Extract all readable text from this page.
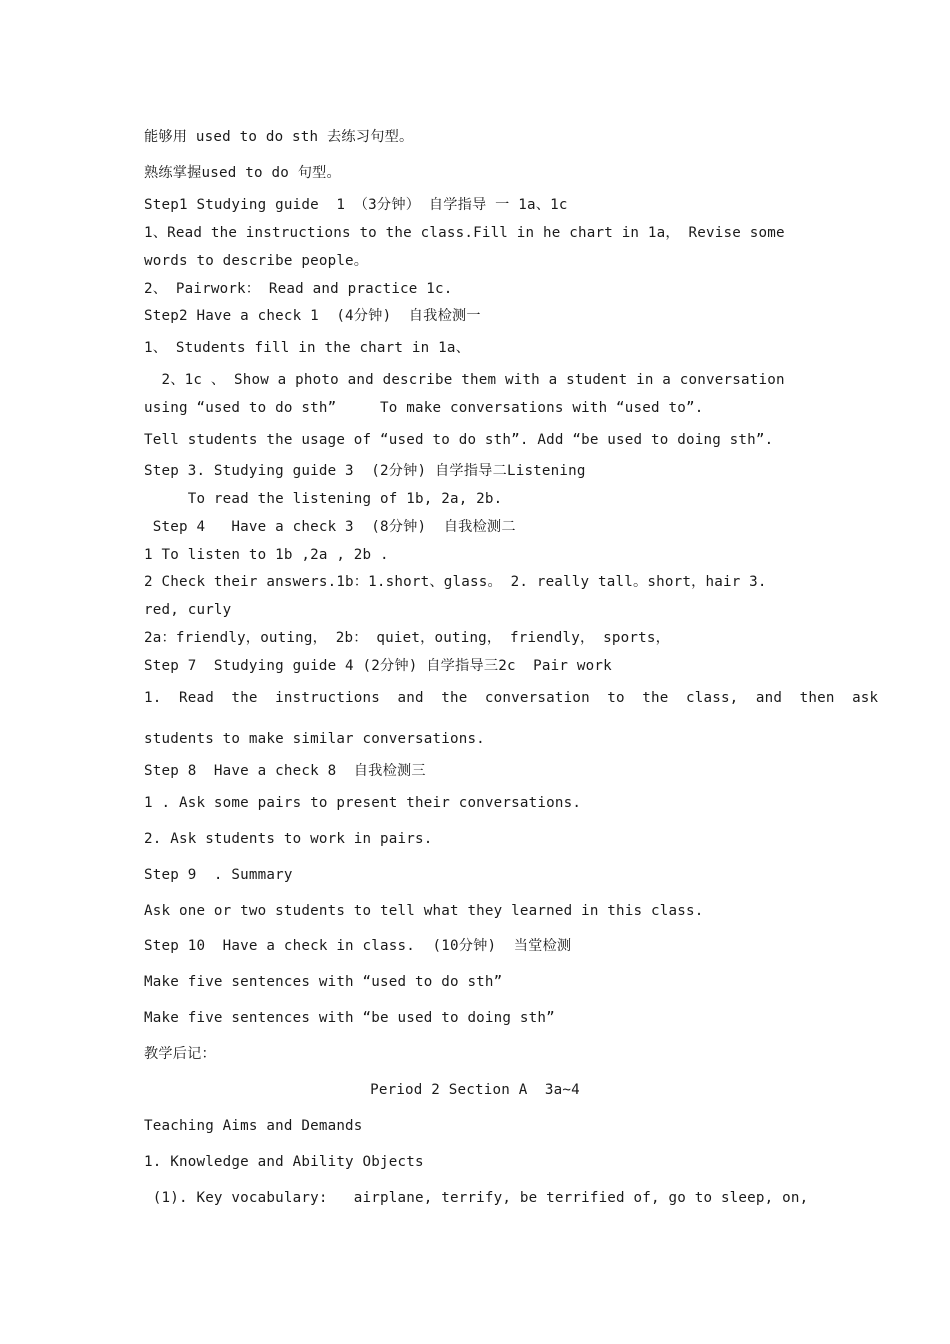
能够用 used to do sth 去练习句型。

熟练掌握used to do 句型。

Step1 Studying guide  1 （3分钟） 自学指导 一 1a、1c

1、Read the instructions to the class.Fill in he chart in 1a， Revise some

words to describe people。

2、 Pairwork： Read and practice 1c.

Step2 Have a check 1  (4分钟)  自我检测一

1、 Students fill in the chart in 1a、

2、1c 、 Show a photo and describe them with a student in a conversation

using “used to do sth”     To make conversations with “used to”.

Tell students the usage of “used to do sth”. Add “be used to doing sth”.

Step 3. Studying guide 3  (2分钟) 自学指导二Listening

To read the listening of 1b, 2a, 2b.

Step 4   Have a check 3  (8分钟)  自我检测二

1 To listen to 1b ,2a , 2b .

2 Check their answers.1b：1.short、glass。 2. really tall。short，hair 3.

red, curly

2a：friendly，outing， 2b： quiet，outing， friendly， sports，

Step 7  Studying guide 4 (2分钟) 自学指导三2c  Pair work

1.  Read  the  instructions  and  the  conversation  to  the  class,  and  then  ask

students to make similar conversations.

Step 8  Have a check 8  自我检测三

1 . Ask some pairs to present their conversations.

2. Ask students to work in pairs.

Step 9  . Summary

Ask one or two students to tell what they learned in this class.

Step 10  Have a check in class.  (10分钟)  当堂检测

Make five sentences with “used to do sth”

Make five sentences with “be used to doing sth”

教学后记：

Period 2 Section A  3a~4

Teaching Aims and Demands

1. Knowledge and Ability Objects

(1). Key vocabulary:   airplane, terrify, be terrified of, go to sleep, on,
